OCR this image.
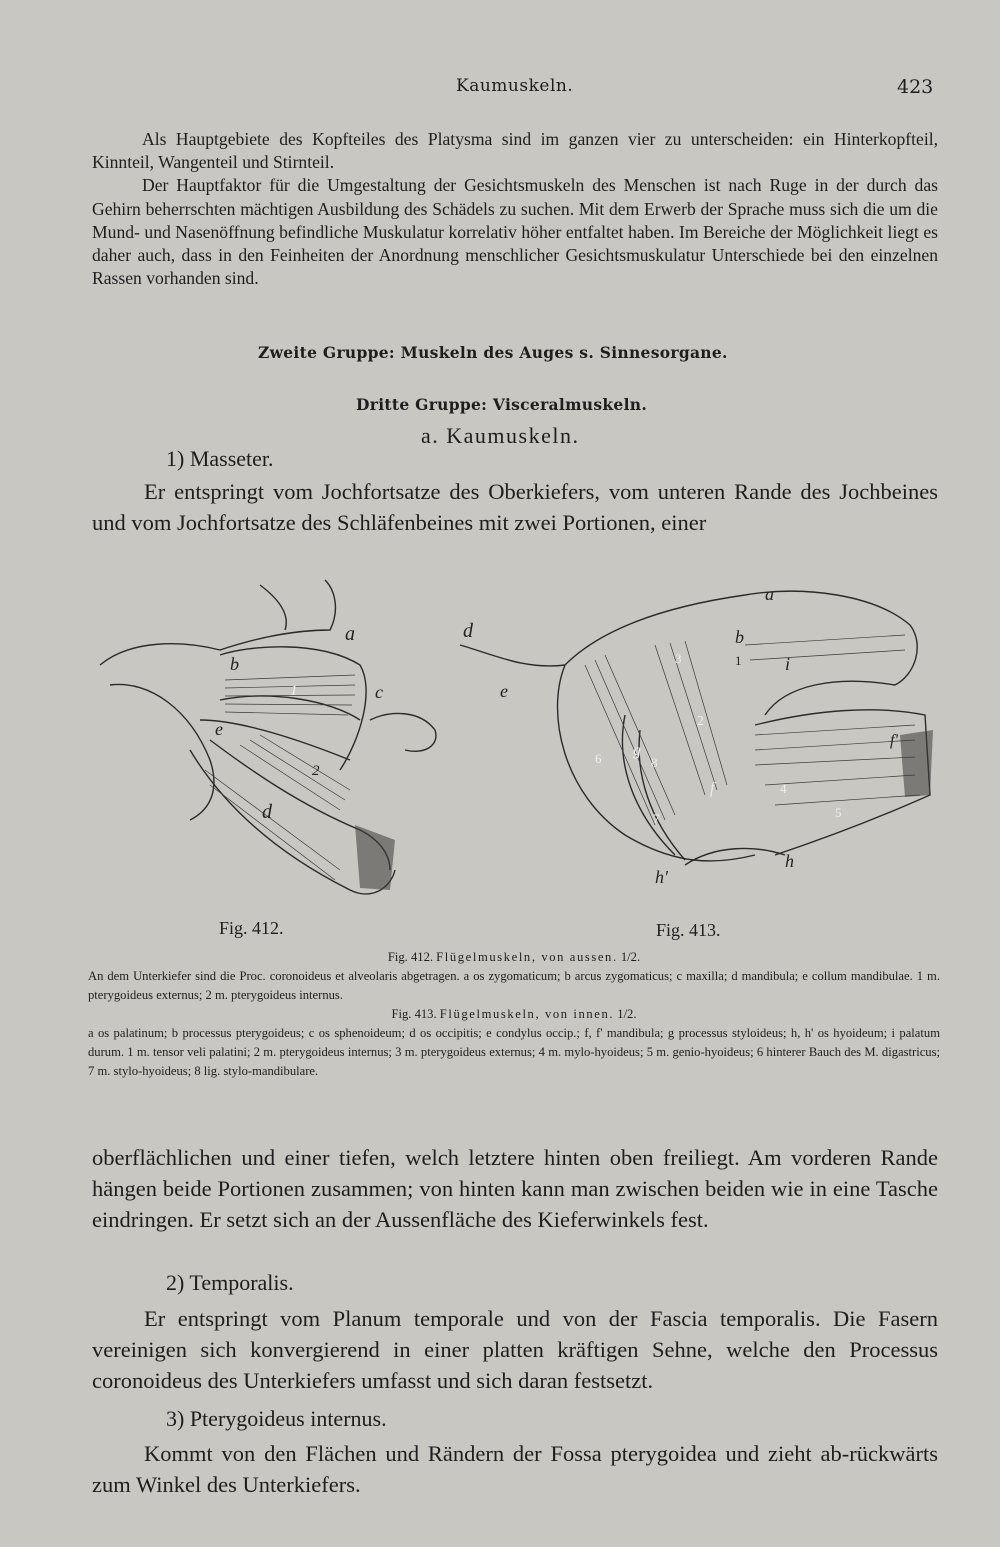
Kaumuskeln.	423

Als Hauptgebiete des Kopfteiles des Platysma sind im ganzen vier zu unterscheiden: ein Hinterkopfteil, Kinnteil, Wangenteil und Stirnteil.

Der Hauptfaktor für die Umgestaltung der Gesichtsmuskeln des Menschen ist nach Ruge in der durch das Gehirn beherrschten mächtigen Ausbildung des Schädels zu suchen. Mit dem Erwerb der Sprache muss sich die um die Mund- und Nasenöffnung befindliche Muskulatur korrelativ höher entfaltet haben. Im Bereiche der Möglichkeit liegt es daher auch, dass in den Feinheiten der Anordnung menschlicher Gesichtsmuskulatur Unterschiede bei den einzelnen Rassen vorhanden sind.

Zweite Gruppe: Muskeln des Auges s. Sinnesorgane.
Dritte Gruppe: Visceralmuskeln.
a. Kaumuskeln.
1) Masseter.

Er entspringt vom Jochfortsatze des Oberkiefers, vom unteren Rande des Jochbeines und vom Jochfortsatze des Schläfenbeines mit zwei Portionen, einer

a
b
c
d
e
1
2
a
b
d
e
f
f'
g
h
h'
i
1
2
3
4
5
6
7
8
Fig. 412.	Fig. 413.

Fig. 412. Flügelmuskeln, von aussen. 1/2.

An dem Unterkiefer sind die Proc. coronoideus et alveolaris abgetragen. a os zygomaticum; b arcus zygomaticus; c maxilla; d mandibula; e collum mandibulae. 1 m. pterygoideus externus; 2 m. pterygoideus internus.

Fig. 413. Flügelmuskeln, von innen. 1/2.

a os palatinum; b processus pterygoideus; c os sphenoideum; d os occipitis; e condylus occip.; f, f' mandibula; g processus styloideus; h, h' os hyoideum; i palatum durum. 1 m. tensor veli palatini; 2 m. pterygoideus internus; 3 m. pterygoideus externus; 4 m. mylo-hyoideus; 5 m. genio-hyoideus; 6 hinterer Bauch des M. digastricus; 7 m. stylo-hyoideus; 8 lig. stylo-mandibulare.

oberflächlichen und einer tiefen, welch letztere hinten oben freiliegt. Am vorderen Rande hängen beide Portionen zusammen; von hinten kann man zwischen beiden wie in eine Tasche eindringen. Er setzt sich an der Aussenfläche des Kieferwinkels fest.

2) Temporalis.

Er entspringt vom Planum temporale und von der Fascia temporalis. Die Fasern vereinigen sich konvergierend in einer platten kräftigen Sehne, welche den Processus coronoideus des Unterkiefers umfasst und sich daran festsetzt.

3) Pterygoideus internus.

Kommt von den Flächen und Rändern der Fossa pterygoidea und zieht ab-rückwärts zum Winkel des Unterkiefers.
